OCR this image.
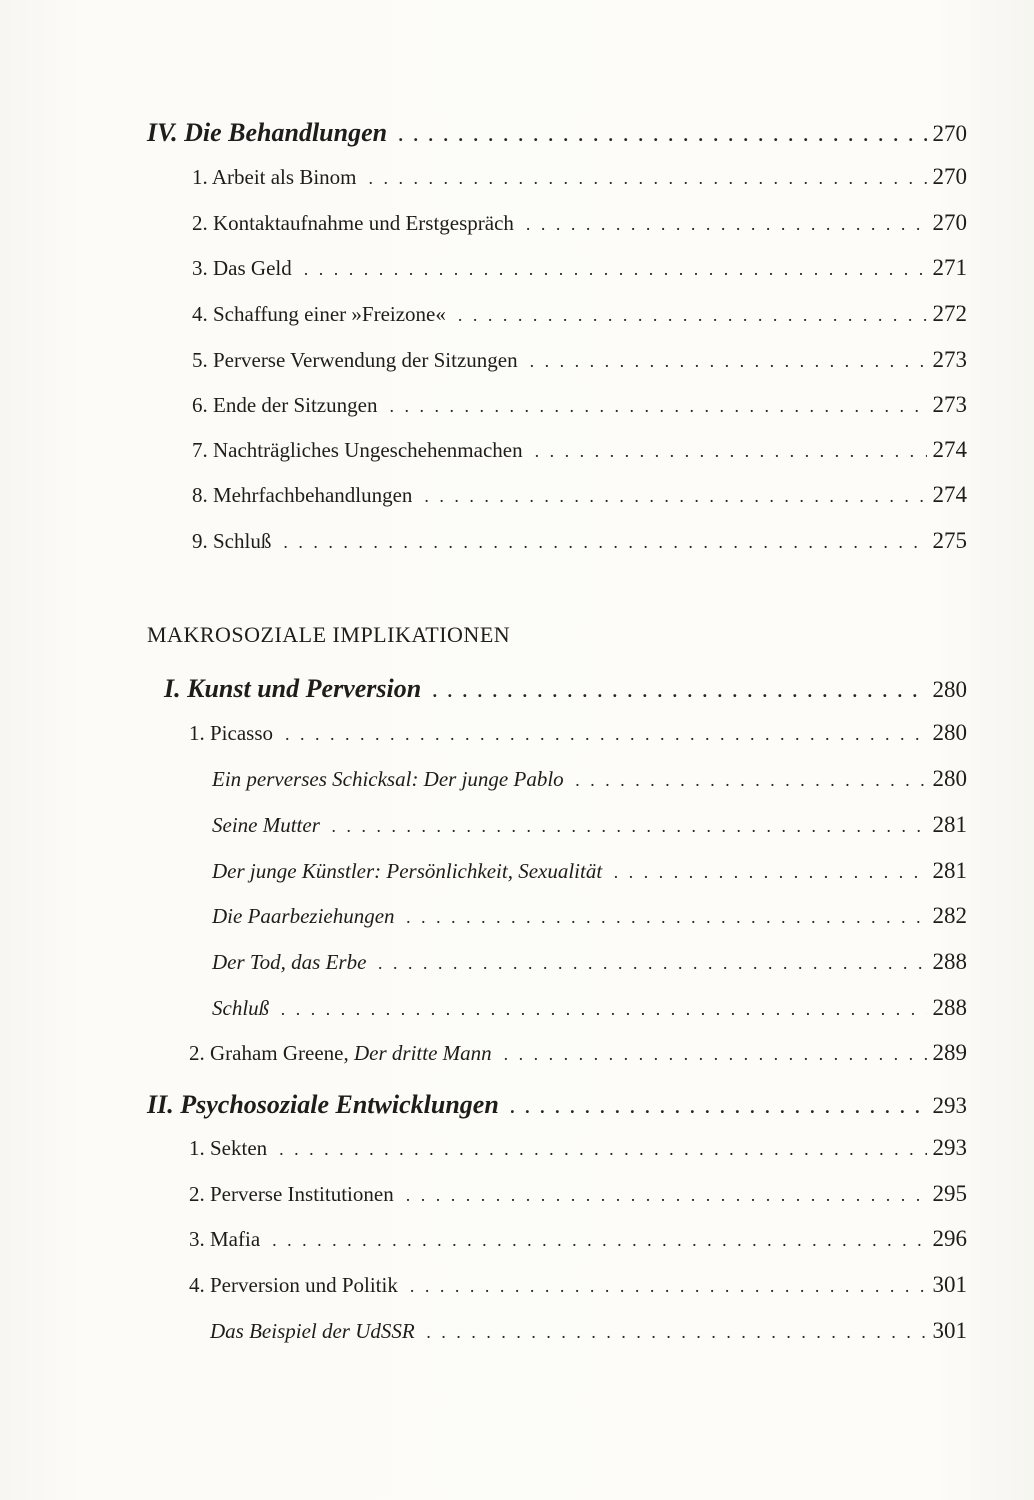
IV. Die Behandlungen . . .	270
1. Arbeit als Binom . . .	270
2. Kontaktaufnahme und Erstgespräch . . .	270
3. Das Geld . . .	271
4. Schaffung einer »Freizone« . . .	272
5. Perverse Verwendung der Sitzungen . . .	273
6. Ende der Sitzungen . . .	273
7. Nachträgliches Ungeschehenmachen . . .	274
8. Mehrfachbehandlungen . . .	274
9. Schluß . . .	275
MAKROSOZIALE IMPLIKATIONEN
I. Kunst und Perversion . . .	280
1. Picasso . . .	280
Ein perverses Schicksal: Der junge Pablo . . .	280
Seine Mutter . . .	281
Der junge Künstler: Persönlichkeit, Sexualität . . .	281
Die Paarbeziehungen . . .	282
Der Tod, das Erbe . . .	288
Schluß . . .	288
2. Graham Greene, Der dritte Mann . . .	289
II. Psychosoziale Entwicklungen . . .	293
1. Sekten . . .	293
2. Perverse Institutionen . . .	295
3. Mafia . . .	296
4. Perversion und Politik . . .	301
Das Beispiel der UdSSR . . .	301
